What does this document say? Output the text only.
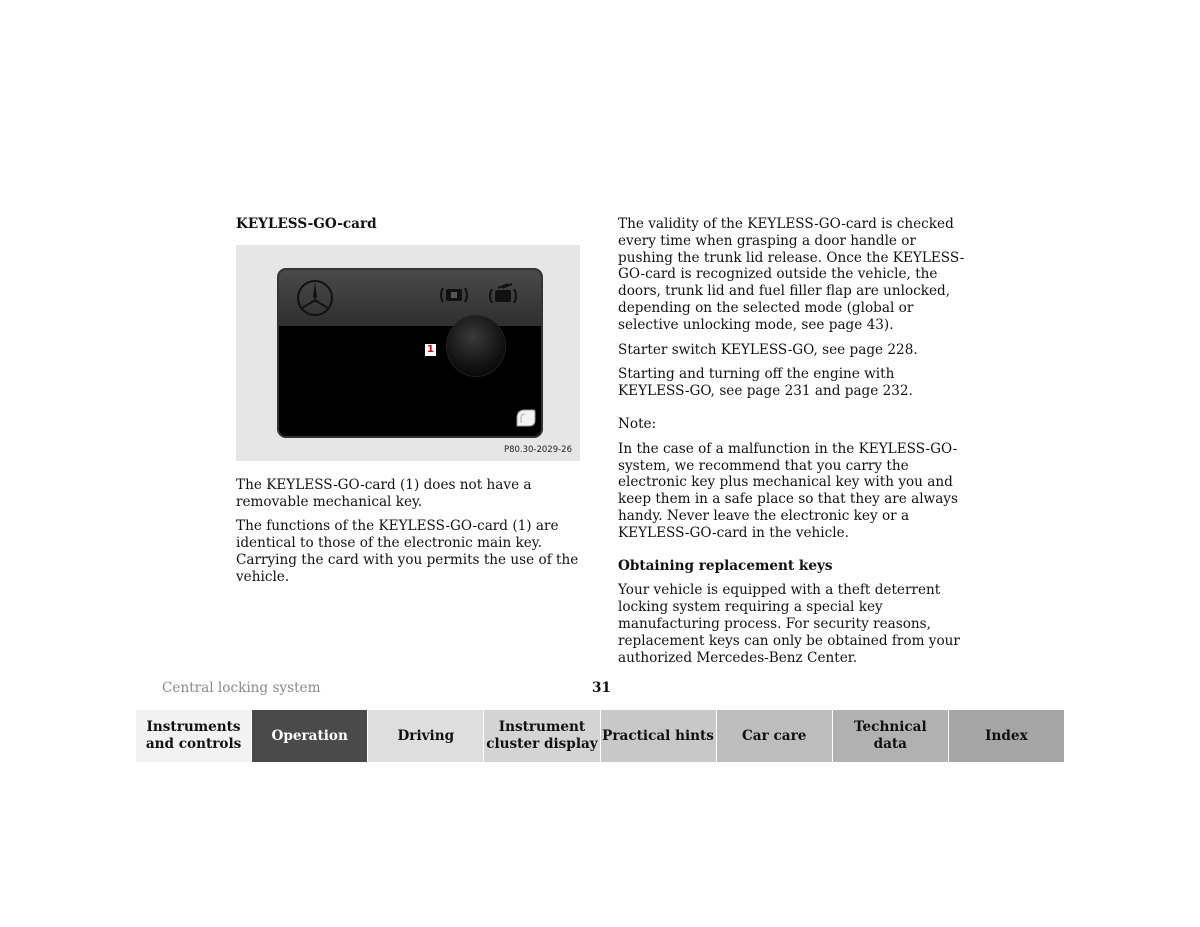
KEYLESS-GO-card
1
P80.30-2029-26

The KEYLESS-GO-card (1) does not have a removable mechanical key.

The functions of the KEYLESS-GO-card (1) are identical to those of the electronic main key. Carrying the card with you permits the use of the vehicle.

The validity of the KEYLESS-GO-card is checked every time when grasping a door handle or pushing the trunk lid release. Once the KEYLESS-GO-card is recognized outside the vehicle, the doors, trunk lid and fuel filler flap are unlocked, depending on the selected mode (global or selective unlocking mode, see page 43).

Starter switch KEYLESS-GO, see page 228.

Starting and turning off the engine with KEYLESS-GO, see page 231 and page 232.

Note:

In the case of a malfunction in the KEYLESS-GO-system, we recommend that you carry the electronic key plus mechanical key with you and keep them in a safe place so that they are always handy. Never leave the electronic key or a KEYLESS-GO-card in the vehicle.

Obtaining replacement keys

Your vehicle is equipped with a theft deterrent locking system requiring a special key manufacturing process. For security reasons, replacement keys can only be obtained from your authorized Mercedes-Benz Center.

Central locking system	31
Instruments
and controls
Operation	Driving
Instrument
cluster display
Practical hints Car care
Technical
data
Index
